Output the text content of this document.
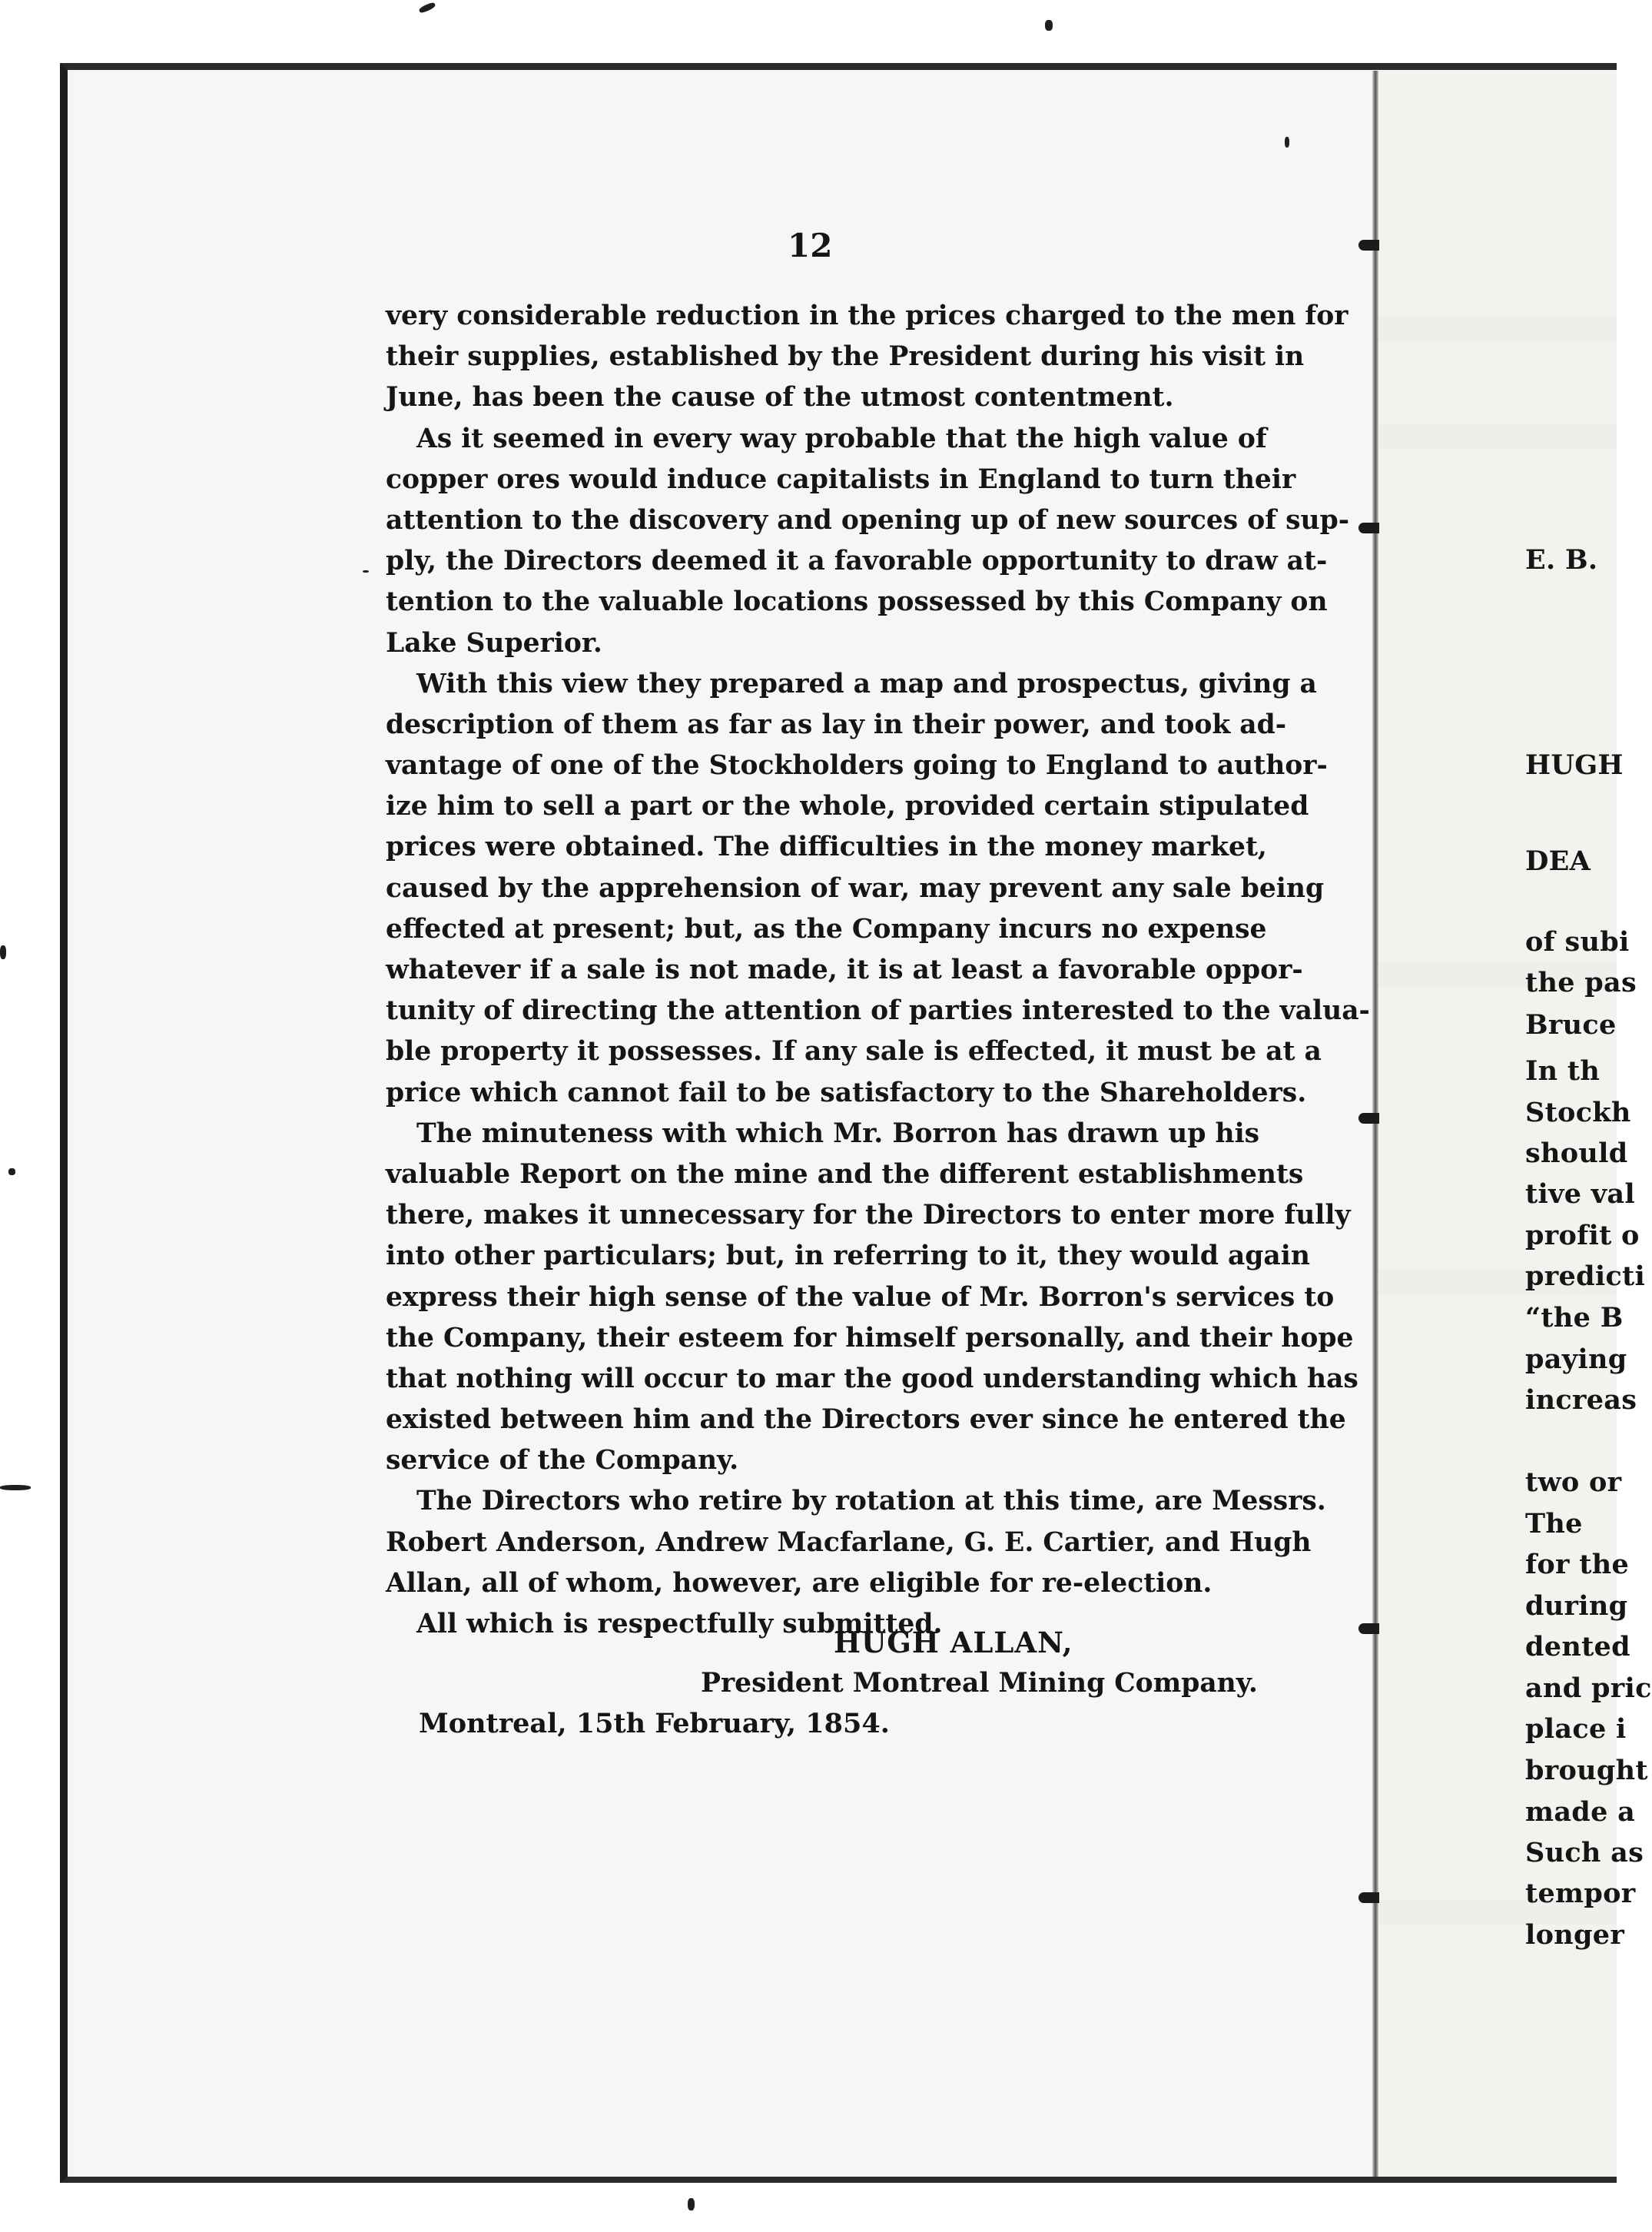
E. B.
HUGH
DEA
of subi
the pas
Bruce
In th
Stockh
should
tive val
profit o
predicti
“the B
paying
increas
two or
The
for the
during
dented
and pric
place i
brought
made a
Such as
tempor
longer
12
very considerable reduction in the prices charged to the men for
their supplies, established by the President during his visit in
June, has been the cause of the utmost contentment.
As it seemed in every way probable that the high value of
copper ores would induce capitalists in England to turn their
attention to the discovery and opening up of new sources of sup-
ply, the Directors deemed it a favorable opportunity to draw at-
tention to the valuable locations possessed by this Company on
Lake Superior.
With this view they prepared a map and prospectus, giving a
description of them as far as lay in their power, and took ad-
vantage of one of the Stockholders going to England to author-
ize him to sell a part or the whole, provided certain stipulated
prices were obtained. The difficulties in the money market,
caused by the apprehension of war, may prevent any sale being
effected at present; but, as the Company incurs no expense
whatever if a sale is not made, it is at least a favorable oppor-
tunity of directing the attention of parties interested to the valua-
ble property it possesses. If any sale is effected, it must be at a
price which cannot fail to be satisfactory to the Shareholders.
The minuteness with which Mr. Borron has drawn up his
valuable Report on the mine and the different establishments
there, makes it unnecessary for the Directors to enter more fully
into other particulars; but, in referring to it, they would again
express their high sense of the value of Mr. Borron's services to
the Company, their esteem for himself personally, and their hope
that nothing will occur to mar the good understanding which has
existed between him and the Directors ever since he entered the
service of the Company.
The Directors who retire by rotation at this time, are Messrs.
Robert Anderson, Andrew Macfarlane, G. E. Cartier, and Hugh
Allan, all of whom, however, are eligible for re-election.
All which is respectfully submitted.
HUGH ALLAN,
President Montreal Mining Company.
Montreal, 15th February, 1854.
